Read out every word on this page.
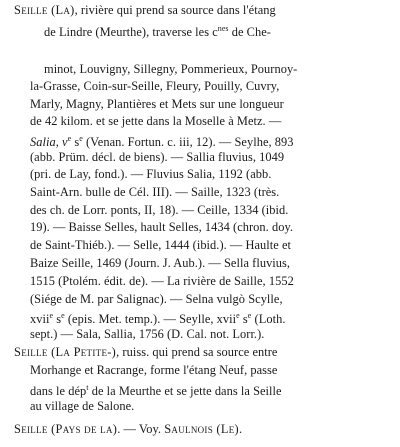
Seille (La), rivière qui prend sa source dans l'étang
de Lindre (Meurthe), traverse les $c^{nes}$ de Che-
minot, Louvigny, Sillegny, Pommerieux, Pournoy-
la-Grasse, Coin-sur-Seille, Fleury, Pouilly, Cuvry,
Marly, Magny, Plantières et Mets sur une longueur
de 42 kilom. et se jette dans la Moselle à Metz. —
Salia, $v^e$ $s^e$ (Venan. Fortun. c. iii, 12). — Seylhe, 893
(abb. Prüm. décl. de biens). — Sallia fluvius, 1049
(pri. de Lay, fond.). — Fluvius Salia, 1192 (abb.
Saint-Arn. bulle de Cél. III). — Saille, 1323 (très.
des ch. de Lorr. ponts, II, 18). — Ceille, 1334 (ibid.
19). — Baisse Selles, hault Selles, 1434 (chron. doy.
de Saint-Thiéb.). — Selle, 1444 (ibid.). — Haulte et
Baize Seille, 1469 (Journ. J. Aub.). — Sella fluvius,
1515 (Ptolém. édit. de). — La rivière de Saille, 1552
(Siége de M. par Salignac). — Selna vulgò Scylle,
xvii$^e$ $s^e$ (epis. Met. temp.). — Seylle, xvii$^e$ $s^e$ (Loth.
sept.) — Sala, Sallia, 1756 (D. Cal. not. Lorr.).
Seille (La Petite-), ruiss. qui prend sa source entre
Morhange et Racrange, forme l'étang Neuf, passe
dans le dép$^t$ de la Meurthe et se jette dans la Seille
au village de Salone.
Seille (Pays de la). — Voy. Saulnois (Le).
